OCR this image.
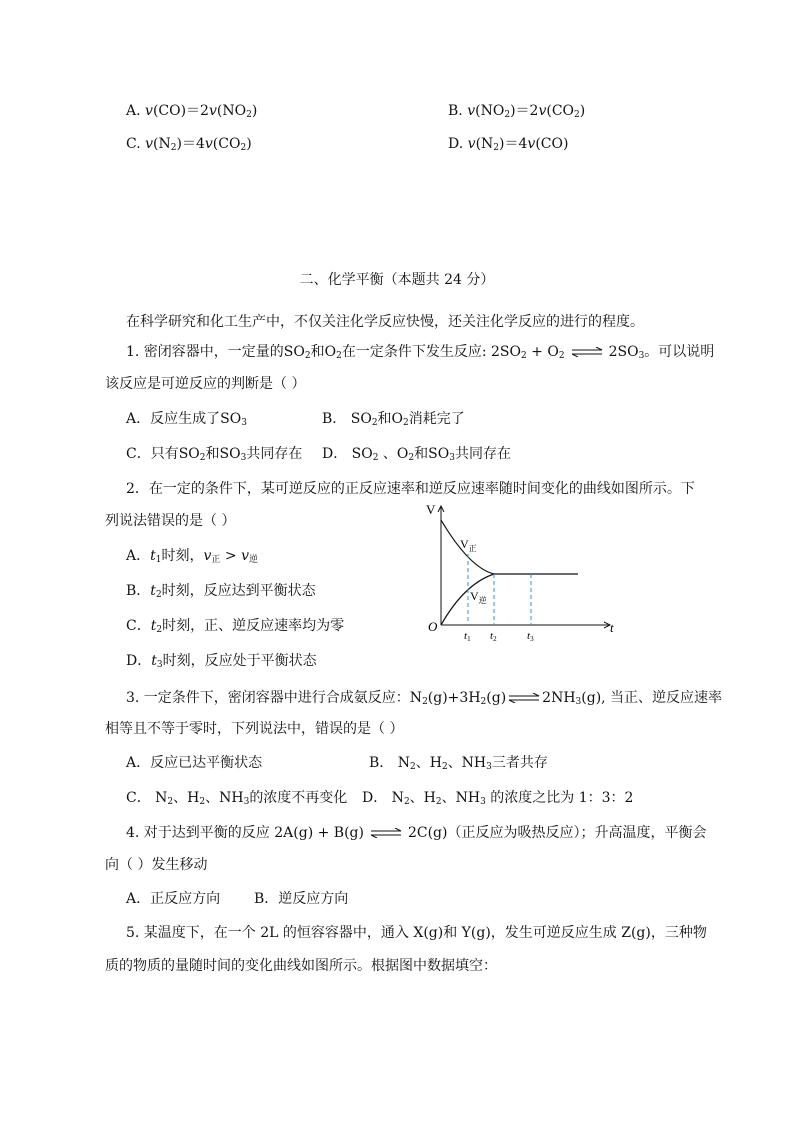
A. $v(CO)=2v(NO_2)$	B. $v(NO_2)=2v(CO_2)$
C. $v(N_2)=4v(CO_2)$	D. $v(N_2)=4v(CO)$
二、化学平衡（本题共 24 分）
在科学研究和化工生产中，不仅关注化学反应快慢，还关注化学反应的进行的程度。
1. 密闭容器中，一定量的$SO_2$和$O_2$在一定条件下发生反应: $2SO_2 + O_2$ ⇌ $2SO_3$。可以说明
该反应是可逆反应的判断是（ ）
A．反应生成了$SO_3$	B． $SO_2$和$O_2$消耗完了
C．只有$SO_2$和$SO_3$共同存在 D． $SO_2$ 、$O_2$和$SO_3$共同存在
2．在一定的条件下，某可逆反应的正反应速率和逆反应速率随时间变化的曲线如图所示。下
列说法错误的是（ ）
A．$t_1$时刻，$v_正 > v_逆$
B．$t_2$时刻，反应达到平衡状态
C．$t_2$时刻，正、逆反应速率均为零
D．$t_3$时刻，反应处于平衡状态
V
t
O
$V_正$
$V_逆$
t1 t2	t3
3. 一定条件下，密闭容器中进行合成氨反应：$N_2(g)+3H_2(g)$ ⇌ $2NH_3(g)$, 当正、逆反应速率
相等且不等于零时，下列说法中，错误的是（ ）
A．反应已达平衡状态	B． $N_2$、$H_2$、$NH_3$三者共存
C． $N_2$、$H_2$、$NH_3$的浓度不再变化 D． $N_2$、$H_2$、$NH_3$ 的浓度之比为 1：3：2
4. 对于达到平衡的反应 2A(g) + B(g) ⇌ 2C(g)（正反应为吸热反应）；升高温度，平衡会
向（ ）发生移动
A．正反应方向 B．逆反应方向
5. 某温度下，在一个 2L 的恒容容器中，通入 X(g)和 Y(g)，发生可逆反应生成 Z(g)，三种物
质的物质的量随时间的变化曲线如图所示。根据图中数据填空：
